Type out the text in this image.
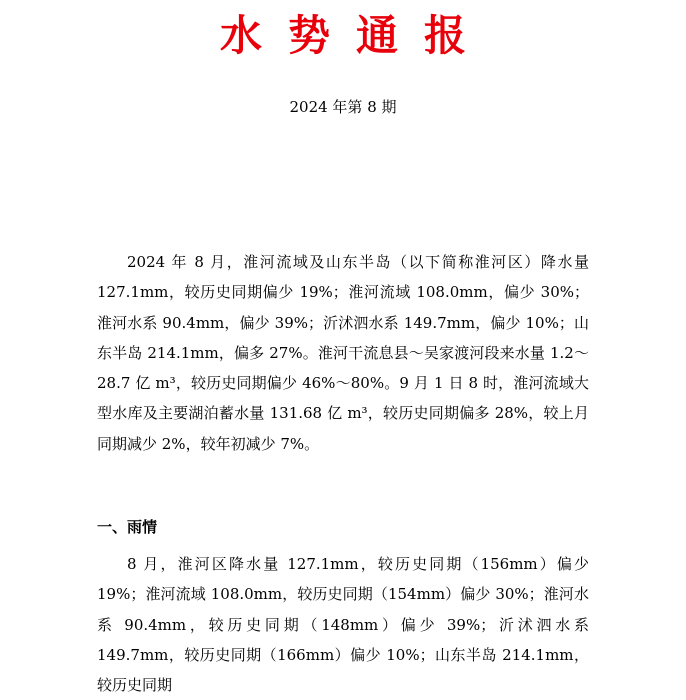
水势通报
2024 年第 8 期

2024 年 8 月，淮河流域及山东半岛（以下简称淮河区）降水量 127.1mm，较历史同期偏少 19%；淮河流域 108.0mm，偏少 30%；淮河水系 90.4mm，偏少 39%；沂沭泗水系 149.7mm，偏少 10%；山东半岛 214.1mm，偏多 27%。淮河干流息县～吴家渡河段来水量 1.2～28.7 亿 m³，较历史同期偏少 46%～80%。9 月 1 日 8 时，淮河流域大型水库及主要湖泊蓄水量 131.68 亿 m³，较历史同期偏多 28%，较上月同期减少 2%，较年初减少 7%。

一、雨情

8 月，淮河区降水量 127.1mm，较历史同期（156mm）偏少 19%；淮河流域 108.0mm，较历史同期（154mm）偏少 30%；淮河水系 90.4mm，较历史同期（148mm）偏少 39%；沂沭泗水系 149.7mm，较历史同期（166mm）偏少 10%；山东半岛 214.1mm，较历史同期
